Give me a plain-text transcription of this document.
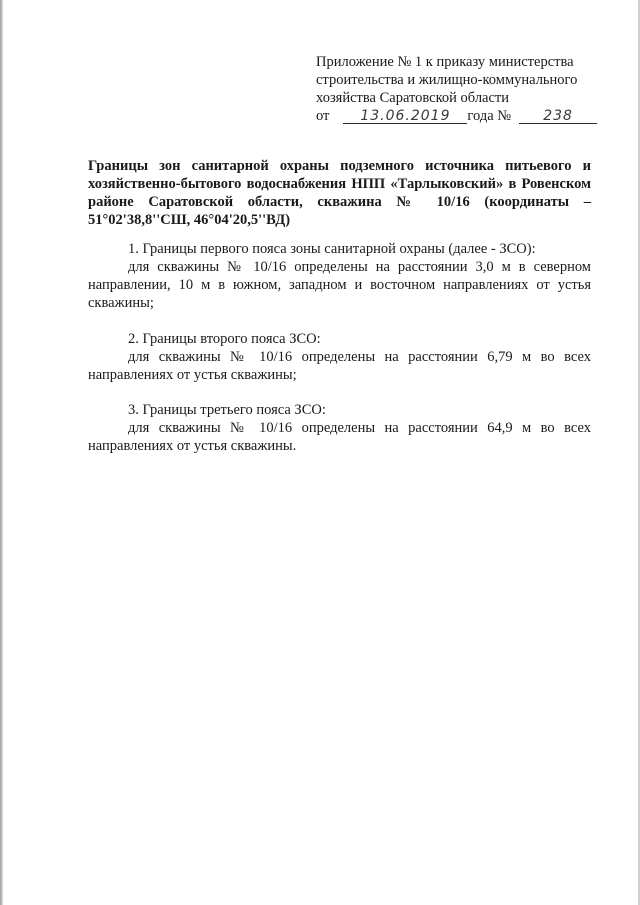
Приложение № 1 к приказу министерства
строительства и жилищно-коммунального
хозяйства Саратовской области
от	13.06.2019	года №	238
Границы зон санитарной охраны подземного источника питьевого и хозяйственно-бытового водоснабжения НПП «Тарлыковский» в Ровенском районе Саратовской области, скважина № 10/16 (координаты – 51°02'38,8''СШ, 46°04'20,5''ВД)
1. Границы первого пояса зоны санитарной охраны (далее - ЗСО):
для скважины № 10/16 определены на расстоянии 3,0 м в северном направлении, 10 м в южном, западном и восточном направлениях от устья скважины;
2. Границы второго пояса ЗСО:
для скважины № 10/16 определены на расстоянии 6,79 м во всех направлениях от устья скважины;
3. Границы третьего пояса ЗСО:
для скважины № 10/16 определены на расстоянии 64,9 м во всех направлениях от устья скважины.
